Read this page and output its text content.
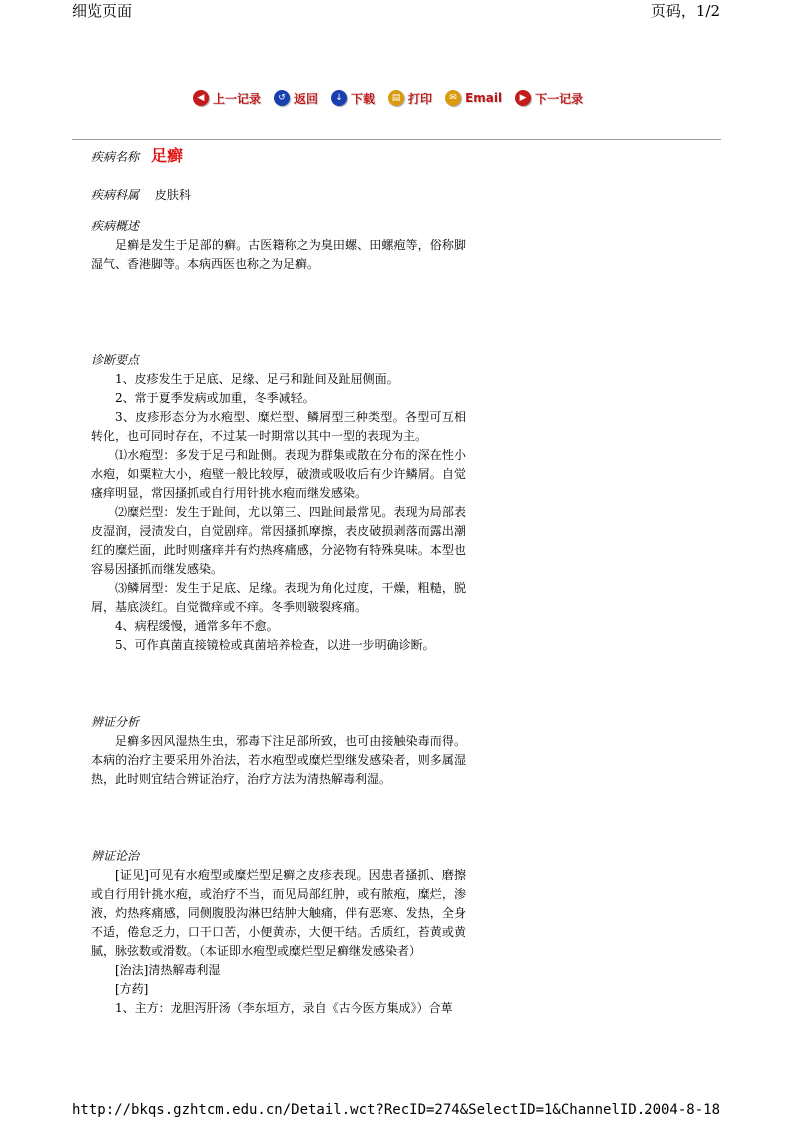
细览页面	页码，1/2
◀ 上一记录	↺ 返回	↓ 下载	▤ 打印	✉ Email	▶ 下一记录
疾病名称 足癣
疾病科属 皮肤科
疾病概述

足癣是发生于足部的癣。古医籍称之为臭田螺、田螺疱等，俗称脚湿气、香港脚等。本病西医也称之为足癣。

诊断要点

1、皮疹发生于足底、足缘、足弓和趾间及趾屈侧面。

2、常于夏季发病或加重，冬季减轻。

3、皮疹形态分为水疱型、糜烂型、鳞屑型三种类型。各型可互相转化，也可同时存在，不过某一时期常以其中一型的表现为主。

⑴水疱型：多发于足弓和趾侧。表现为群集或散在分布的深在性小水疱，如粟粒大小，疱壁一般比较厚，破溃或吸收后有少许鳞屑。自觉瘙痒明显，常因搔抓或自行用针挑水疱而继发感染。

⑵糜烂型：发生于趾间，尤以第三、四趾间最常见。表现为局部表皮湿润，浸渍发白，自觉剧痒。常因搔抓摩擦，表皮破损剥落而露出潮红的糜烂面，此时则瘙痒并有灼热疼痛感，分泌物有特殊臭味。本型也容易因搔抓而继发感染。

⑶鳞屑型：发生于足底、足缘。表现为角化过度，干燥，粗糙，脱屑，基底淡红。自觉微痒或不痒。冬季则皲裂疼痛。

4、病程缓慢，通常多年不愈。

5、可作真菌直接镜检或真菌培养检查，以进一步明确诊断。

辨证分析

足癣多因风湿热生虫，邪毒下注足部所致，也可由接触染毒而得。本病的治疗主要采用外治法，若水疱型或糜烂型继发感染者，则多属湿热，此时则宜结合辨证治疗，治疗方法为清热解毒利湿。

辨证论治

[证见]可见有水疱型或糜烂型足癣之皮疹表现。因患者搔抓、磨擦或自行用针挑水疱，或治疗不当，而见局部红肿，或有脓疱，糜烂，渗液，灼热疼痛感，同侧腹股沟淋巴结肿大触痛，伴有恶寒、发热，全身不适，倦怠乏力，口干口苦，小便黄赤，大便干结。舌质红，苔黄或黄腻，脉弦数或滑数。（本证即水疱型或糜烂型足癣继发感染者）

[治法]清热解毒利湿

[方药]

1、主方：龙胆泻肝汤（李东垣方，录自《古今医方集成》）合萆

http://bkqs.gzhtcm.edu.cn/Detail.wct?RecID=274&SelectID=1&ChannelID...
2004-8-18
